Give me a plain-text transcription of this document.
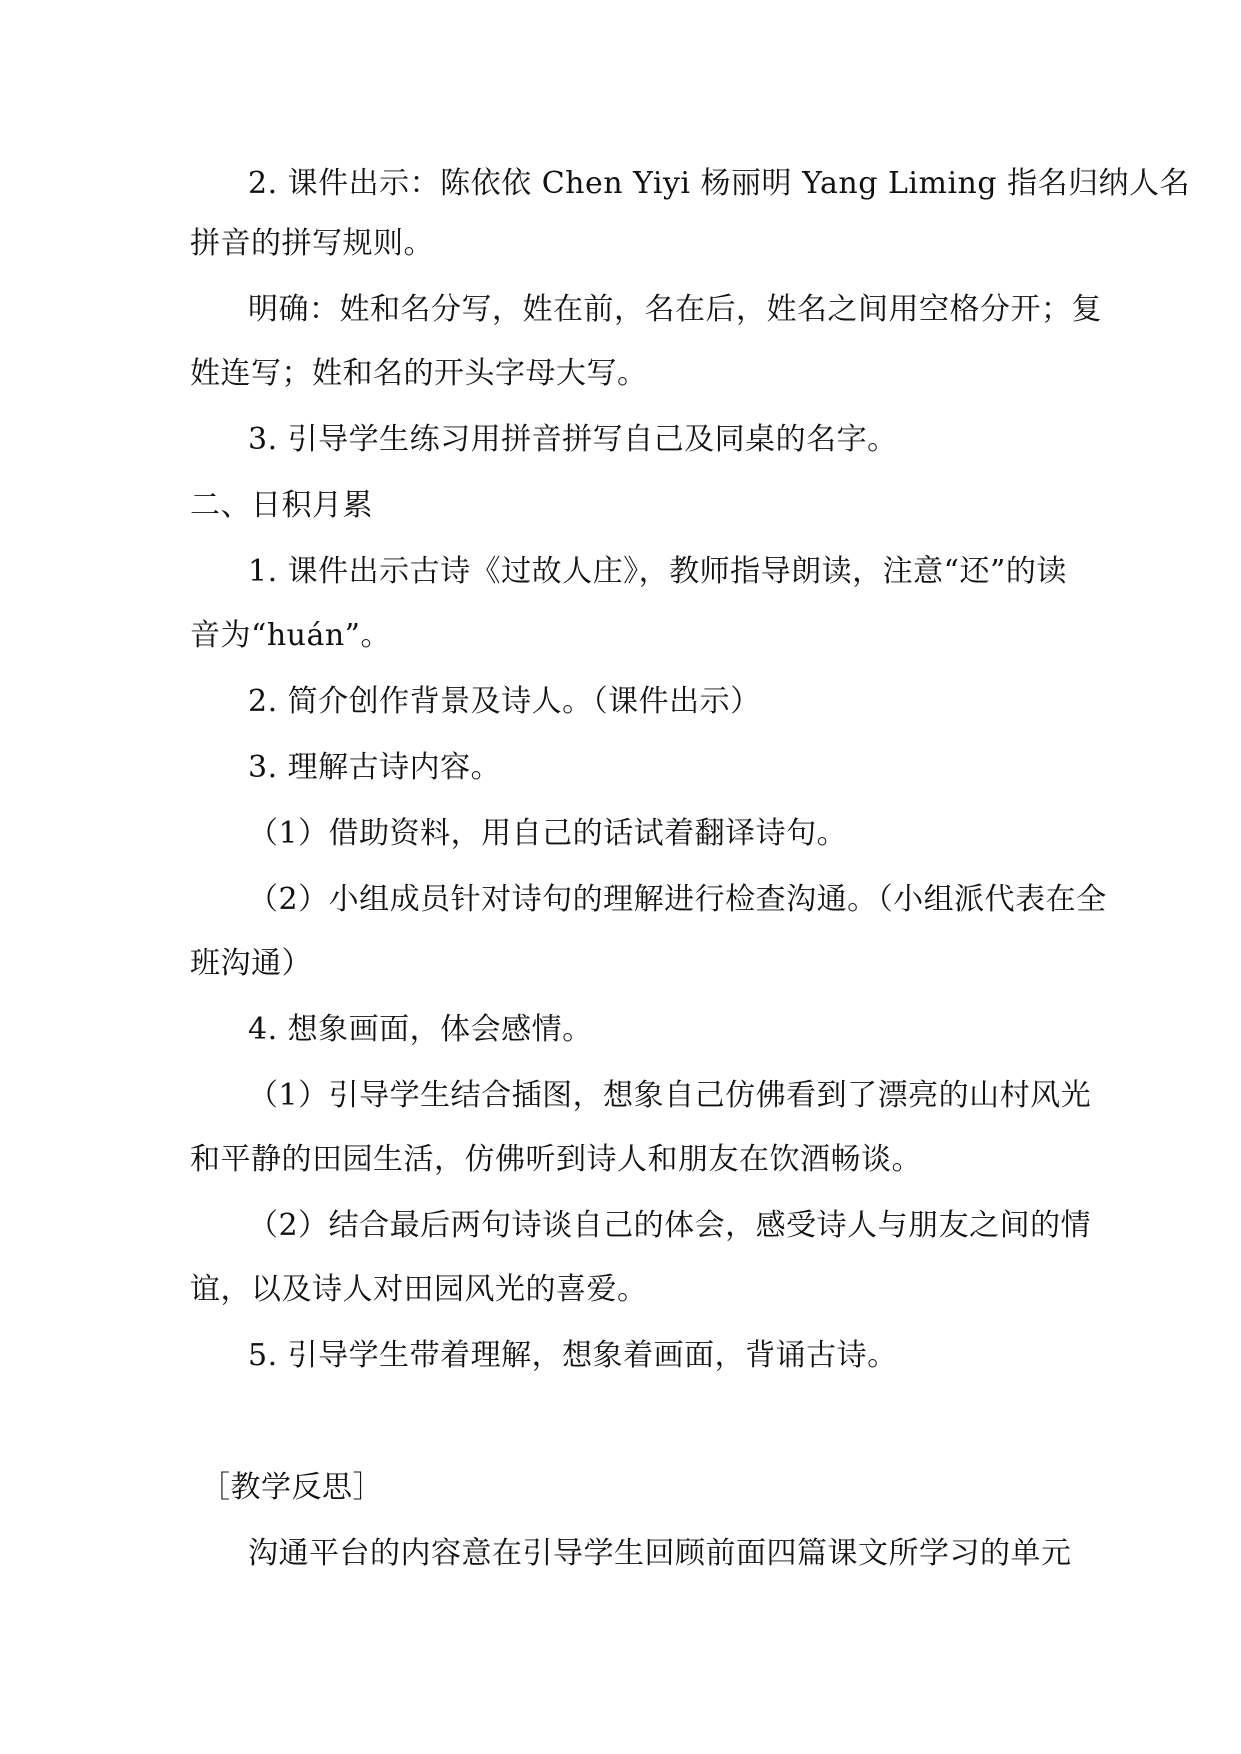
2. 课件出示：陈依依 Chen Yiyi 杨丽明 Yang Liming 指名归纳人名
拼音的拼写规则。
明确：姓和名分写，姓在前，名在后，姓名之间用空格分开；复
姓连写；姓和名的开头字母大写。
3. 引导学生练习用拼音拼写自己及同桌的名字。
二、日积月累
1. 课件出示古诗《过故人庄》，教师指导朗读，注意“还”的读
音为“huán”。
2. 简介创作背景及诗人。（课件出示）
3. 理解古诗内容。
（1）借助资料，用自己的话试着翻译诗句。
（2）小组成员针对诗句的理解进行检查沟通。（小组派代表在全
班沟通）
4. 想象画面，体会感情。
（1）引导学生结合插图，想象自己仿佛看到了漂亮的山村风光
和平静的田园生活，仿佛听到诗人和朋友在饮酒畅谈。
（2）结合最后两句诗谈自己的体会，感受诗人与朋友之间的情
谊，以及诗人对田园风光的喜爱。
5. 引导学生带着理解，想象着画面，背诵古诗。
［教学反思］
沟通平台的内容意在引导学生回顾前面四篇课文所学习的单元
